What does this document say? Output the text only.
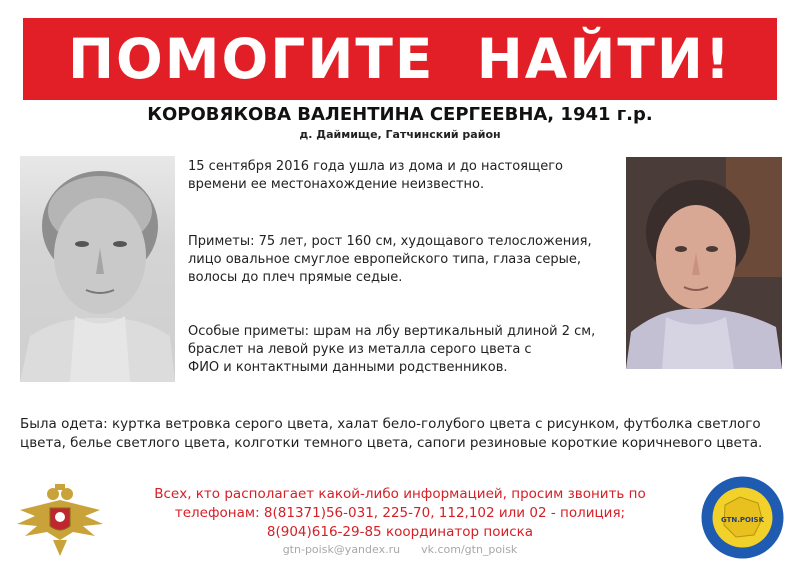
ПОМОГИТЕ  НАЙТИ!
КОРОВЯКОВА ВАЛЕНТИНА СЕРГЕЕВНА, 1941 г.р.
д. Даймище, Гатчинский район
15 сентября 2016 года ушла из дома и до настоящего
времени ее местонахождение неизвестно.
Приметы: 75 лет, рост 160 см, худощавого телосложения,
лицо овальное смуглое европейского типа, глаза серые,
волосы до плеч прямые седые.
Особые приметы: шрам на лбу вертикальный длиной 2 см,
браслет на левой руке из металла серого цвета с
ФИО и контактными данными родственников.
Была одета: куртка ветровка серого цвета, халат бело-голубого цвета с рисунком, футболка светлого
цвета, белье светлого цвета, колготки темного цвета, сапоги резиновые короткие коричневого цвета.
Всех, кто располагает какой-либо информацией, просим звонить по
телефонам: 8(81371)56-031, 225-70, 112,102 или 02 - полиция;
8(904)616-29-85 координатор поиска
gtn-poisk@yandex.ru vk.com/gtn_poisk
GTN.POISK
